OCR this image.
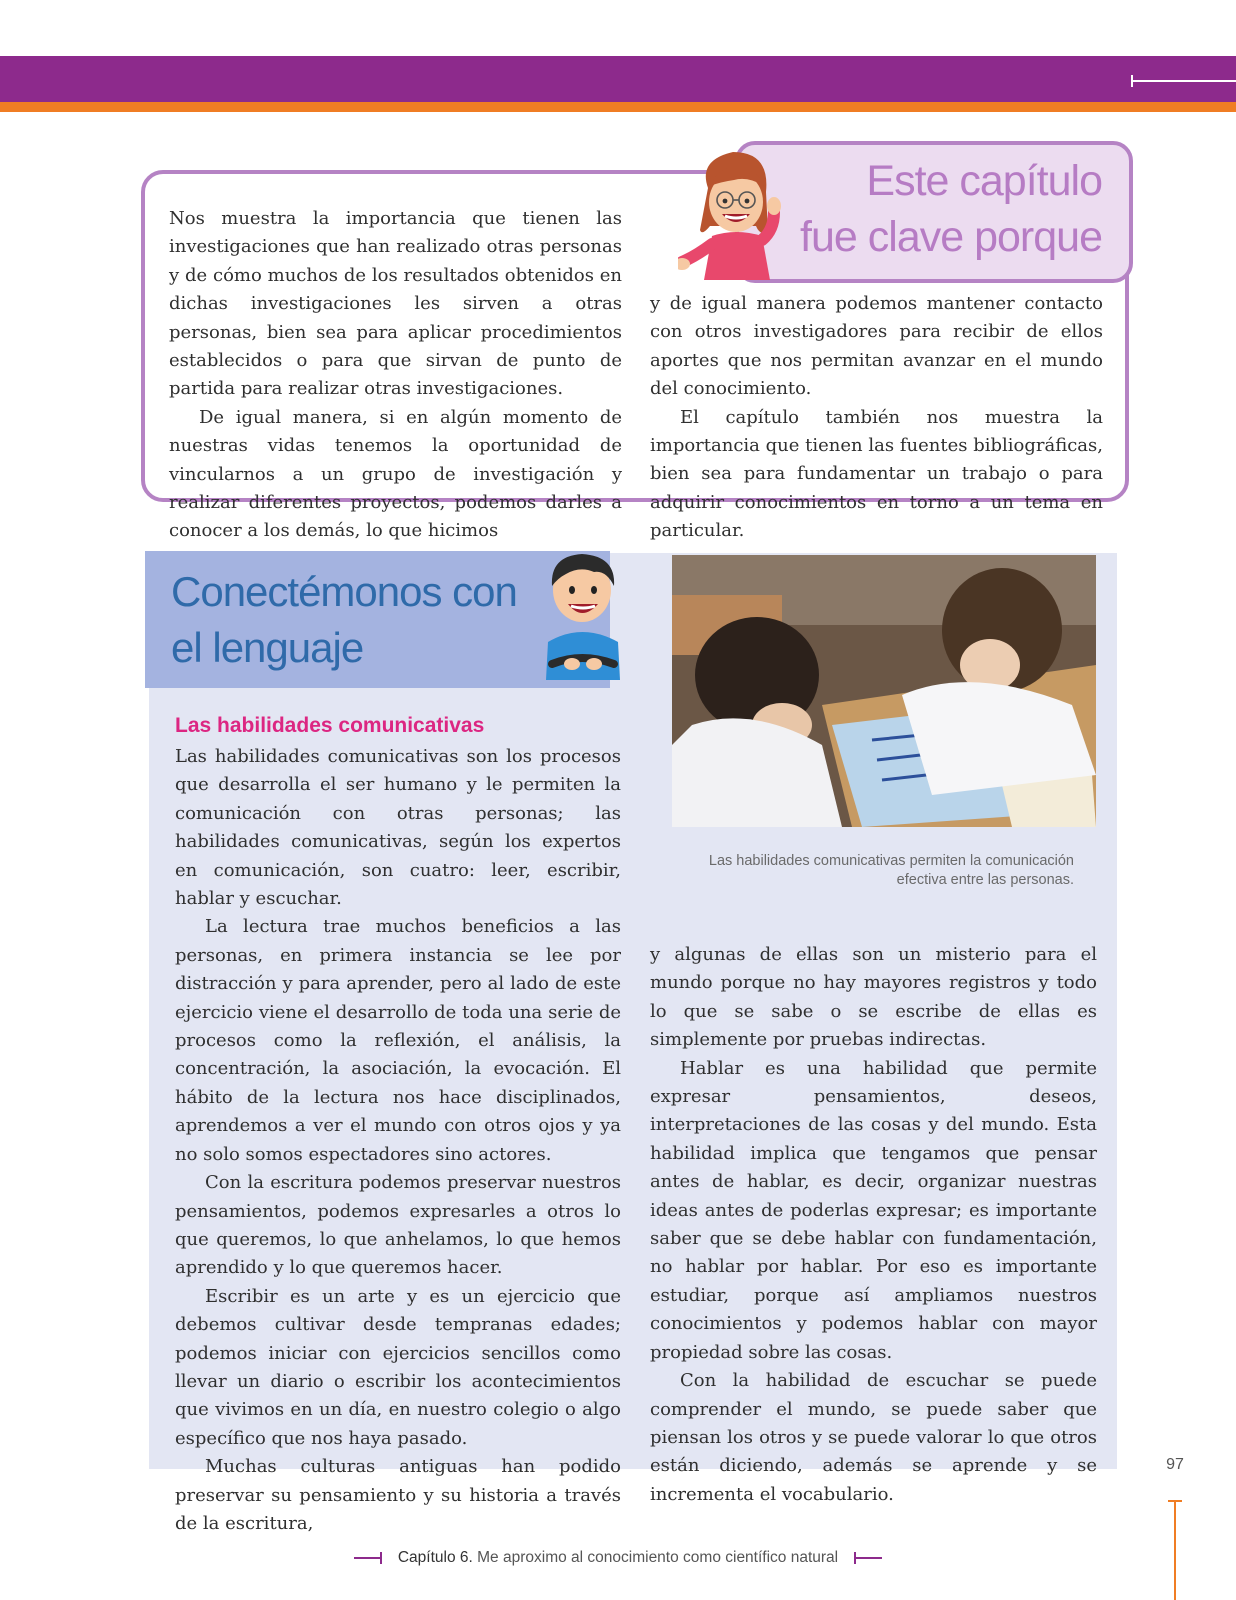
Este capítulo
fue clave porque

Nos muestra la importancia que tienen las investigaciones que han realizado otras personas y de cómo muchos de los resultados obtenidos en dichas investigaciones les sirven a otras personas, bien sea para aplicar procedimientos establecidos o para que sirvan de punto de partida para realizar otras investigaciones.

De igual manera, si en algún momento de nuestras vidas tenemos la oportunidad de vincularnos a un grupo de investigación y realizar diferentes proyectos, podemos darles a conocer a los demás, lo que hicimos

y de igual manera podemos mantener contacto con otros investigadores para recibir de ellos aportes que nos permitan avanzar en el mundo del conocimiento.

El capítulo también nos muestra la importancia que tienen las fuentes bibliográficas, bien sea para fundamentar un trabajo o para adquirir conocimientos en torno a un tema en particular.

Conectémonos con
el lenguaje
Las habilidades comunicativas

Las habilidades comunicativas son los procesos que desarrolla el ser humano y le permiten la comunicación con otras personas; las habilidades comunicativas, según los expertos en comunicación, son cuatro: leer, escribir, hablar y escuchar.

La lectura trae muchos beneficios a las personas, en primera instancia se lee por distracción y para aprender, pero al lado de este ejercicio viene el desarrollo de toda una serie de procesos como la reflexión, el análisis, la concentración, la asociación, la evocación. El hábito de la lectura nos hace disciplinados, aprendemos a ver el mundo con otros ojos y ya no solo somos espectadores sino actores.

Con la escritura podemos preservar nuestros pensamientos, podemos expresarles a otros lo que queremos, lo que anhelamos, lo que hemos aprendido y lo que queremos hacer.

Escribir es un arte y es un ejercicio que debemos cultivar desde tempranas edades; podemos iniciar con ejercicios sencillos como llevar un diario o escribir los acontecimientos que vivimos en un día, en nuestro colegio o algo específico que nos haya pasado.

Muchas culturas antiguas han podido preservar su pensamiento y su historia a través de la escritura,

Las habilidades comunicativas permiten la comunicación
efectiva entre las personas.

y algunas de ellas son un misterio para el mundo porque no hay mayores registros y todo lo que se sabe o se escribe de ellas es simplemente por pruebas indirectas.

Hablar es una habilidad que permite expresar pensamientos, deseos, interpretaciones de las cosas y del mundo. Esta habilidad implica que tengamos que pensar antes de hablar, es decir, organizar nuestras ideas antes de poderlas expresar; es importante saber que se debe hablar con fundamentación, no hablar por hablar. Por eso es importante estudiar, porque así ampliamos nuestros conocimientos y podemos hablar con mayor propiedad sobre las cosas.

Con la habilidad de escuchar se puede comprender el mundo, se puede saber que piensan los otros y se puede valorar lo que otros están diciendo, además se aprende y se incrementa el vocabulario.

97
Capítulo 6. Me aproximo al conocimiento como científico natural
